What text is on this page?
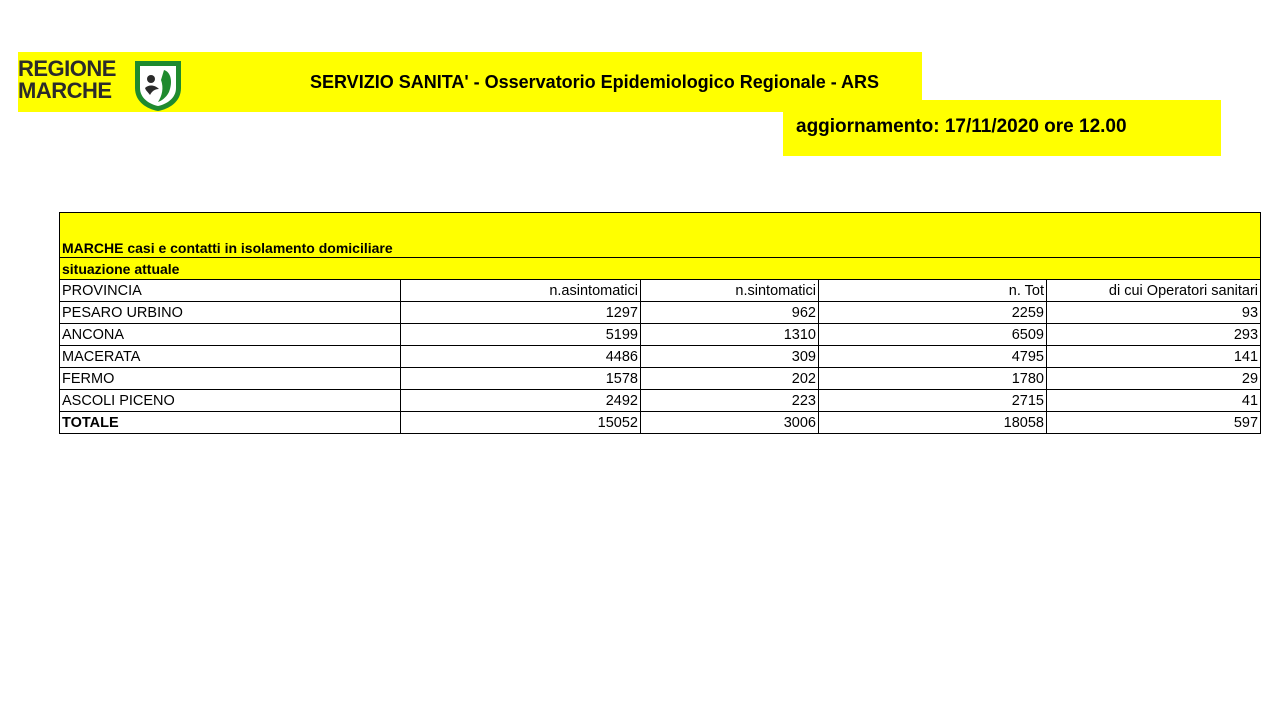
REGIONE
MARCHE	SERVIZIO SANITA' - Osservatorio Epidemiologico Regionale - ARS
aggiornamento: 17/11/2020 ore 12.00
MARCHE casi e contatti in isolamento domiciliare				
situazione attuale				
PROVINCIA	n.asintomatici	n.sintomatici	n. Tot	di cui Operatori sanitari
PESARO URBINO	1297	962	2259	93
ANCONA	5199	1310	6509	293
MACERATA	4486	309	4795	141
FERMO	1578	202	1780	29
ASCOLI PICENO	2492	223	2715	41
TOTALE	15052	3006	18058	597
